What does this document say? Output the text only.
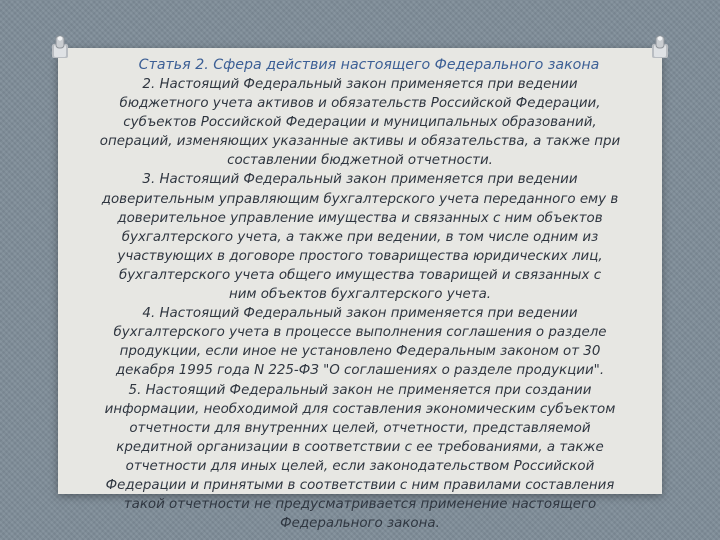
Статья 2. Сфера действия настоящего Федерального закона

2. Настоящий Федеральный закон применяется при ведении
бюджетного учета активов и обязательств Российской Федерации,
субъектов Российской Федерации и муниципальных образований,
операций, изменяющих указанные активы и обязательства, а также при
составлении бюджетной отчетности.

3. Настоящий Федеральный закон применяется при ведении
доверительным управляющим бухгалтерского учета переданного ему в
доверительное управление имущества и связанных с ним объектов
бухгалтерского учета, а также при ведении, в том числе одним из
участвующих в договоре простого товарищества юридических лиц,
бухгалтерского учета общего имущества товарищей и связанных с
ним объектов бухгалтерского учета.

4. Настоящий Федеральный закон применяется при ведении
бухгалтерского учета в процессе выполнения соглашения о разделе
продукции, если иное не установлено Федеральным законом от 30
декабря 1995 года N 225-ФЗ "О соглашениях о разделе продукции".

5. Настоящий Федеральный закон не применяется при создании
информации, необходимой для составления экономическим субъектом
отчетности для внутренних целей, отчетности, представляемой
кредитной организации в соответствии с ее требованиями, а также
отчетности для иных целей, если законодательством Российской
Федерации и принятыми в соответствии с ним правилами составления
такой отчетности не предусматривается применение настоящего
Федерального закона.
